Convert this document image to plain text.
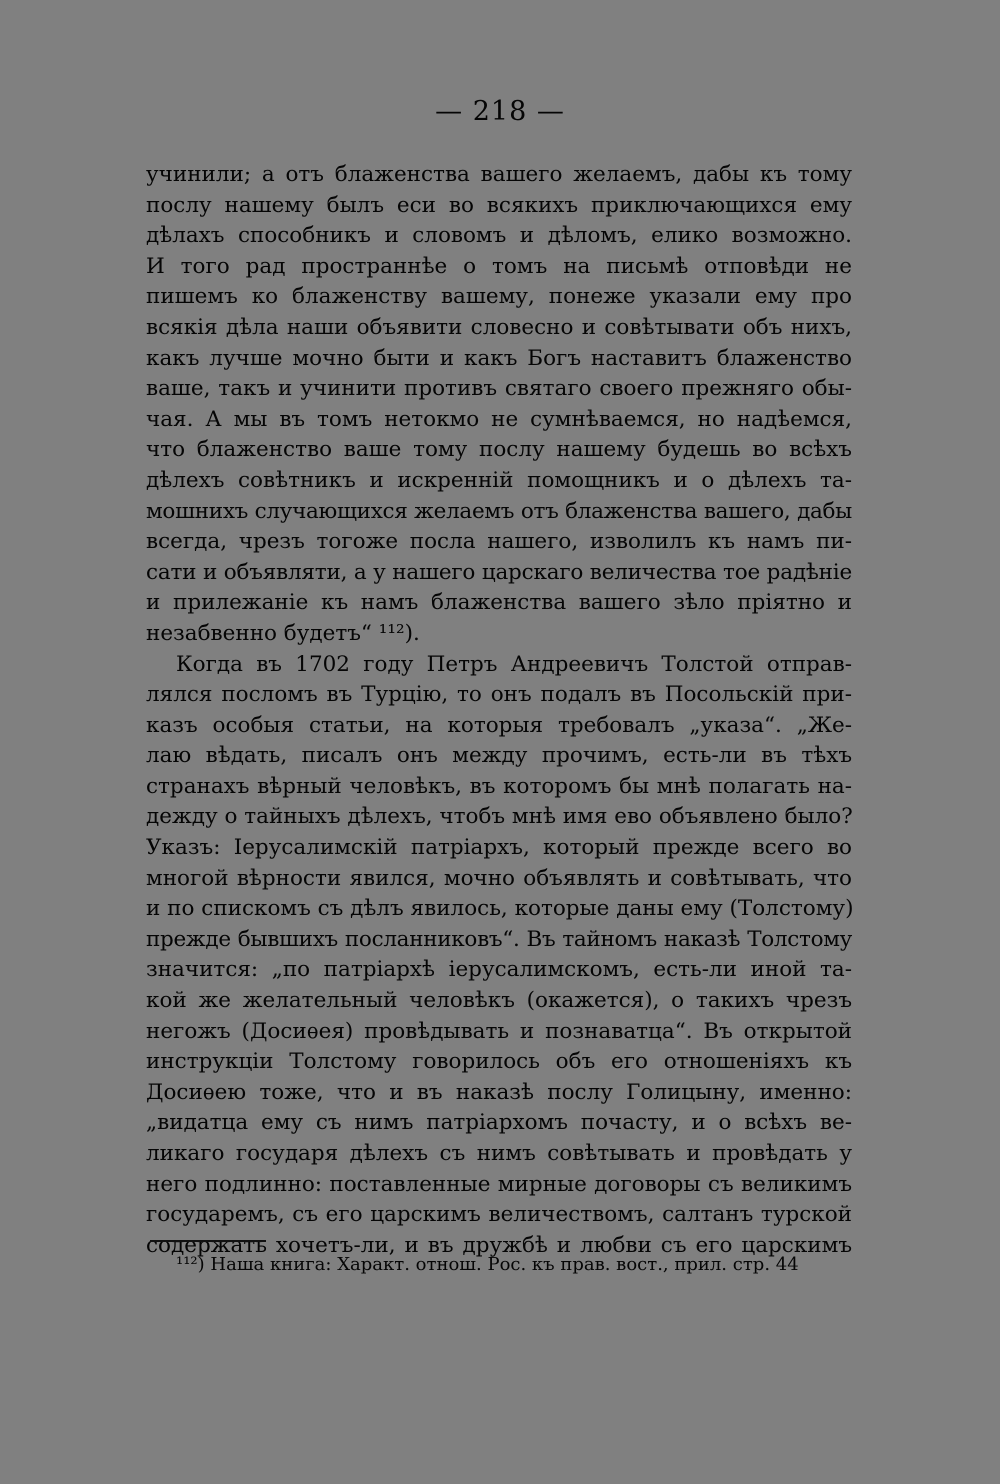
— 218 —
учинили; а отъ блаженства вашего желаемъ, дабы къ тому
послу нашему былъ еси во всякихъ приключающихся ему
дѣлахъ способникъ и словомъ и дѣломъ, елико возможно.
И того рад пространнѣе о томъ на письмѣ отповѣди не
пишемъ ко блаженству вашему, понеже указали ему про
всякія дѣла наши объявити словесно и совѣтывати объ нихъ,
какъ лучше мочно быти и какъ Богъ наставитъ блаженство
ваше, такъ и учинити противъ святаго своего прежняго обы-
чая. А мы въ томъ нетокмо не сумнѣваемся, но надѣемся,
что блаженство ваше тому послу нашему будешь во всѣхъ
дѣлехъ совѣтникъ и искренній помощникъ и о дѣлехъ та-
мошнихъ случающихся желаемъ отъ блаженства вашего, дабы
всегда, чрезъ тогоже посла нашего, изволилъ къ намъ пи-
сати и объявляти, а у нашего царскаго величества тое радѣніе
и прилежаніе къ намъ блаженства вашего зѣло пріятно и
незабвенно будетъ“ ¹¹²).
Когда въ 1702 году Петръ Андреевичъ Толстой отправ-
лялся посломъ въ Турцію, то онъ подалъ въ Посольскій при-
казъ особыя статьи, на которыя требовалъ „указа“. „Же-
лаю вѣдать, писалъ онъ между прочимъ, есть-ли въ тѣхъ
странахъ вѣрный человѣкъ, въ которомъ бы мнѣ полагать на-
дежду о тайныхъ дѣлехъ, чтобъ мнѣ имя ево объявлено было?
Указъ: Іерусалимскій патріархъ, который прежде всего во
многой вѣрности явился, мочно объявлять и совѣтывать, что
и по спискомъ съ дѣлъ явилось, которые даны ему (Толстому)
прежде бывшихъ посланниковъ“. Въ тайномъ наказѣ Толстому
значится: „по патріархѣ іерусалимскомъ, есть-ли иной та-
кой же желательный человѣкъ (окажется), о такихъ чрезъ
негожъ (Досиѳея) провѣдывать и познаватца“. Въ открытой
инструкціи Толстому говорилось объ его отношеніяхъ къ
Досиѳею тоже, что и въ наказѣ послу Голицыну, именно:
„видатца ему съ нимъ патріархомъ почасту, и о всѣхъ ве-
ликаго государя дѣлехъ съ нимъ совѣтывать и провѣдать у
него подлинно: поставленные мирные договоры съ великимъ
государемъ, съ его царскимъ величествомъ, салтанъ турской
содержать хочетъ-ли, и въ дружбѣ и любви съ его царскимъ
¹¹²) Наша книга: Характ. отнош. Рос. къ прав. вост., прил. стр. 44
